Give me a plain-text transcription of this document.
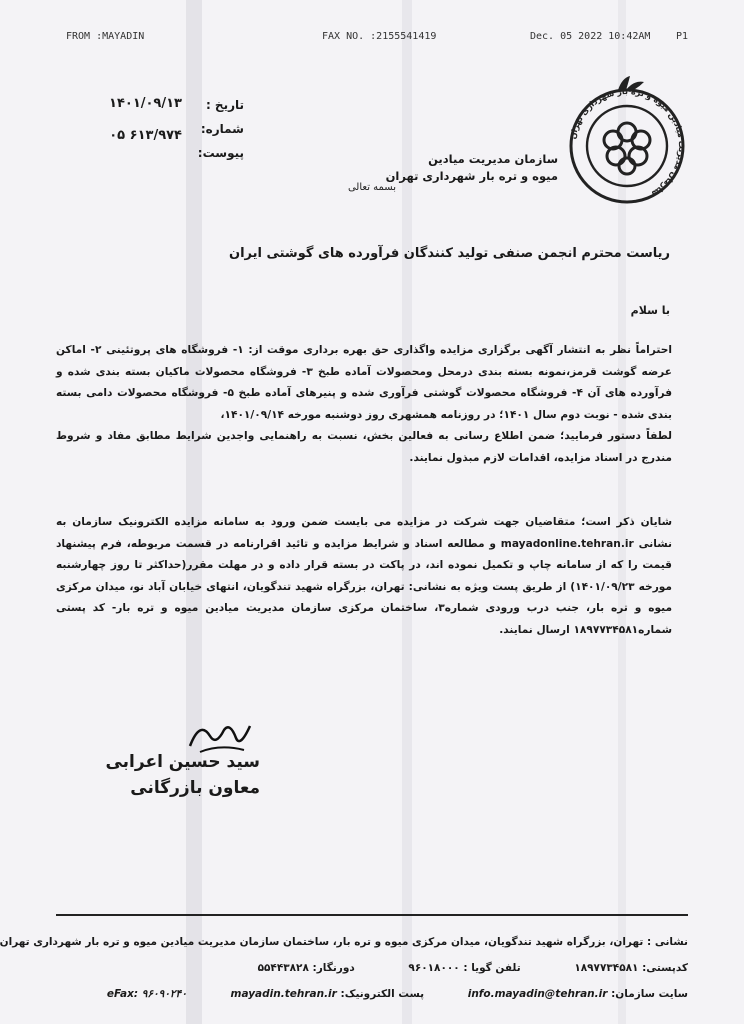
FROM :MAYADIN	FAX NO. :2155541419	Dec. 05 2022 10:42AM	P1
تاریخ :
۱۴۰۱/۰۹/۱۳
شماره:
۶۱۳/۹۷۴ ۰۵
پیوست:
سازمان مدیریت میادین میوه و تره بار شهرداری تهران
سازمان مدیریت میادین
میوه و تره بار شهرداری تهران
بسمه تعالی
ریاست محترم انجمن صنفی تولید کنندگان فرآورده های گوشتی ایران
با سلام

احتراماً نظر به انتشار آگهی برگزاری مزایده واگذاری حق بهره برداری موقت از: ۱- فروشگاه های پروتئینی ۲- اماکن عرضه گوشت قرمز،نمونه بسته بندی درمحل ومحصولات آماده طبخ ۳- فروشگاه محصولات ماکیان بسته بندی شده و فرآورده های آن ۴- فروشگاه محصولات گوشتی فرآوری شده و پنیرهای آماده طبخ ۵- فروشگاه محصولات دامی بسته بندی شده - نوبت دوم سال ۱۴۰۱؛ در روزنامه همشهری روز دوشنبه مورخه ۱۴۰۱/۰۹/۱۴،

لطفاً دستور فرمایید؛ ضمن اطلاع رسانی به فعالین بخش، نسبت به راهنمایی واجدین شرایط مطابق مفاد و شروط مندرج در اسناد مزایده، اقدامات لازم مبذول نمایند.

شایان ذکر است؛ متقاضیان جهت شرکت در مزایده می بایست ضمن ورود به سامانه مزایده الکترونیک سازمان به نشانی mayadonline.tehran.ir و مطالعه اسناد و شرایط مزایده و تائید اقرارنامه در قسمت مربوطه، فرم پیشنهاد قیمت را که از سامانه چاپ و تکمیل نموده اند، در پاکت در بسته قرار داده و در مهلت مقرر(حداکثر تا روز چهارشنبه مورخه ۱۴۰۱/۰۹/۲۳) از طریق پست ویژه به نشانی: تهران، بزرگراه شهید تندگویان، انتهای خیابان آباد نو، میدان مرکزی میوه و تره بار، جنب درب ورودی شماره۳، ساختمان مرکزی سازمان مدیریت میادین میوه و تره بار- کد پستی شماره۱۸۹۷۷۳۴۵۸۱ ارسال نمایند.

سید حسین اعرابی
معاون بازرگانی
نشانی : تهران، بزرگراه شهید تندگویان، میدان مرکزی میوه و تره بار، ساختمان سازمان مدیریت میادین میوه و تره بار شهرداری تهران
کدپستی: ۱۸۹۷۷۳۴۵۸۱ تلفن گویا : ۹۶۰۱۸۰۰۰ دورنگار: ۵۵۴۴۳۸۲۸
سایت سازمان: mayadin.tehran.ir پست الکترونیک:	info.mayadin@tehran.ir eFax: ۹۶۰۹۰۲۴۰
